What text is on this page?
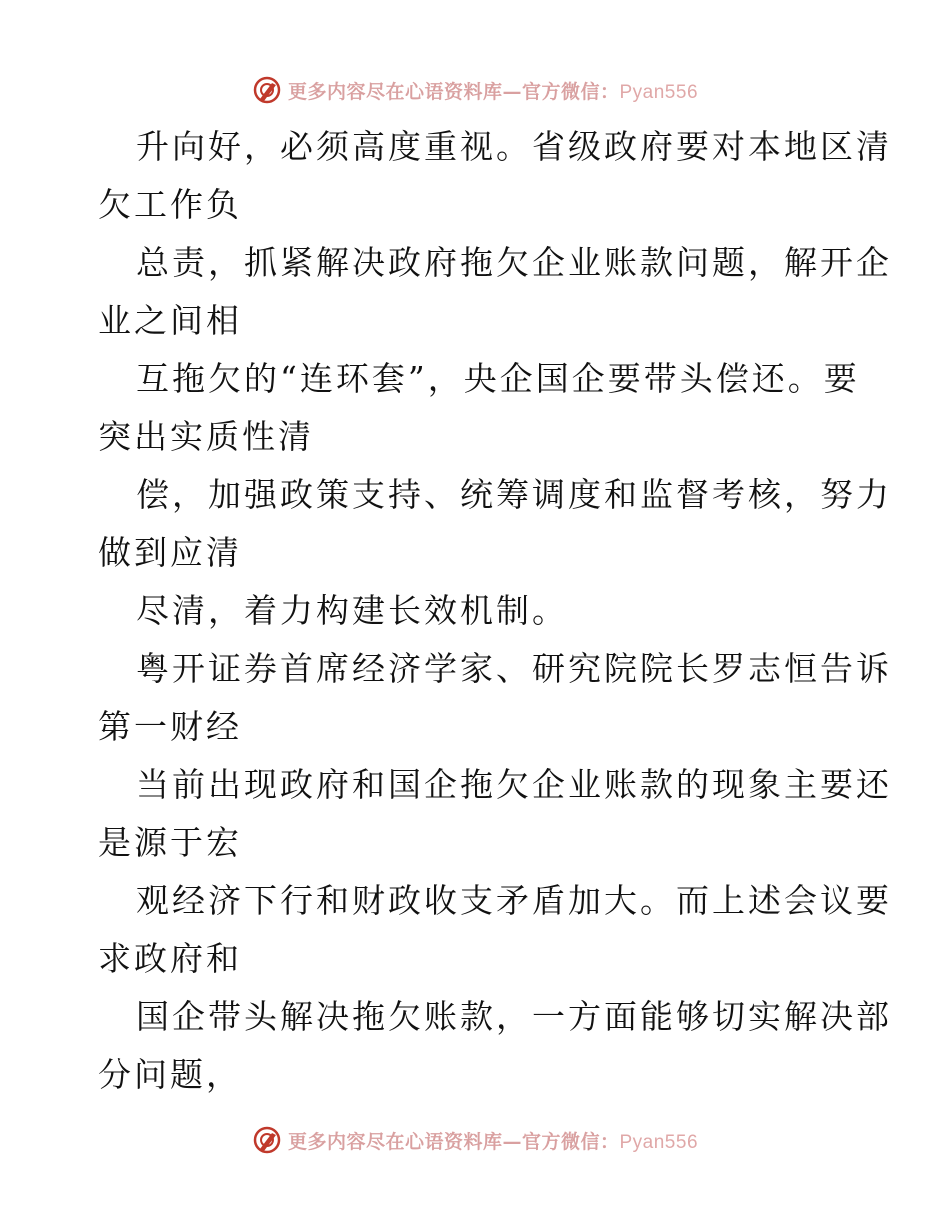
更多内容尽在心语资料库—官方微信：Pyan556
升向好，必须高度重视。省级政府要对本地区清
欠工作负
总责，抓紧解决政府拖欠企业账款问题，解开企
业之间相
互拖欠的“连环套”，央企国企要带头偿还。要
突出实质性清
偿，加强政策支持、统筹调度和监督考核，努力
做到应清
尽清，着力构建长效机制。
粤开证券首席经济学家、研究院院长罗志恒告诉
第一财经
当前出现政府和国企拖欠企业账款的现象主要还
是源于宏
观经济下行和财政收支矛盾加大。而上述会议要
求政府和
国企带头解决拖欠账款，一方面能够切实解决部
分问题，
更多内容尽在心语资料库—官方微信：Pyan556
